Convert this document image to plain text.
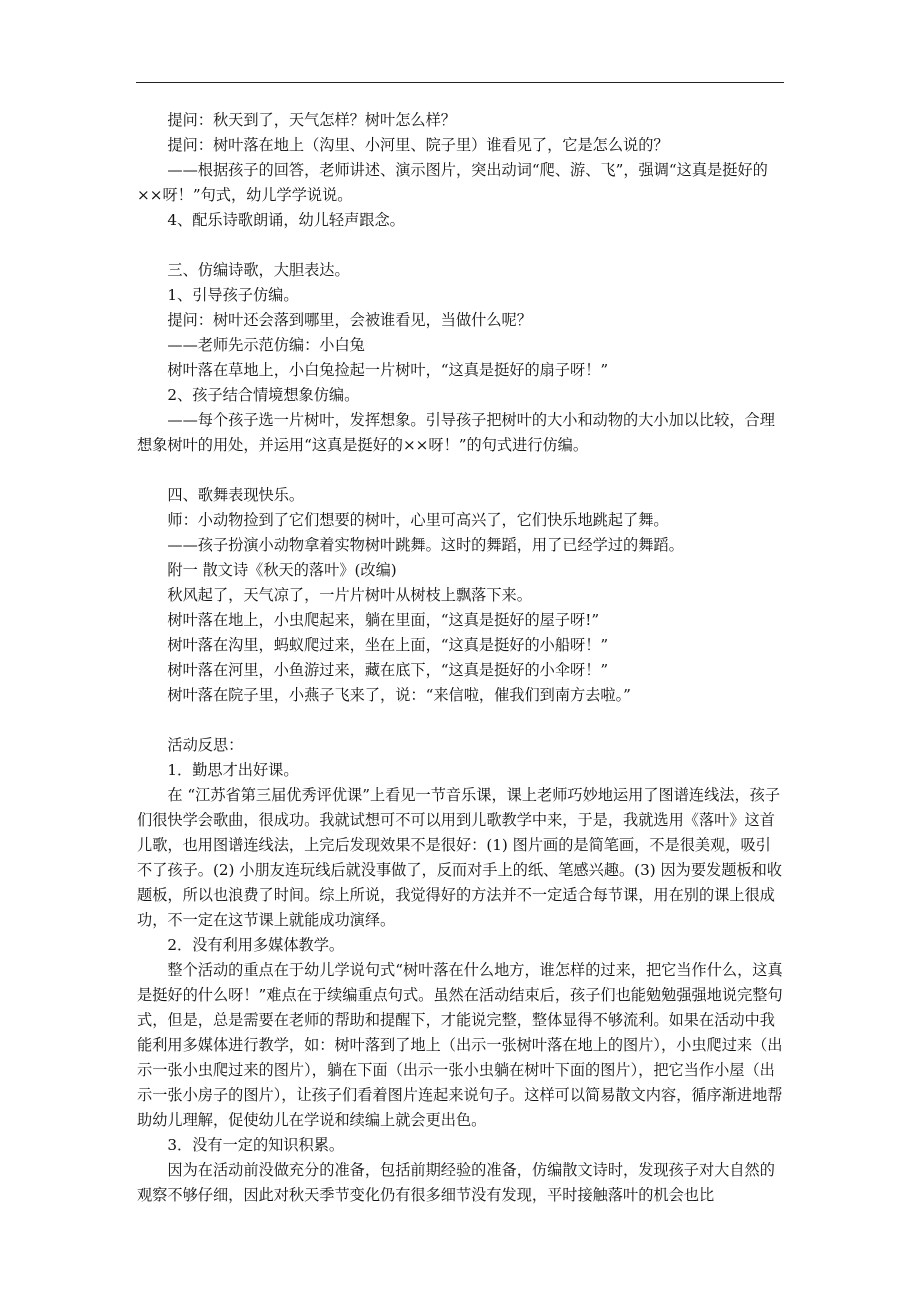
提问：秋天到了，天气怎样？树叶怎么样？

提问：树叶落在地上（沟里、小河里、院子里）谁看见了，它是怎么说的？

——根据孩子的回答，老师讲述、演示图片，突出动词“爬、游、飞”，强调“这真是挺好的××呀！”句式，幼儿学学说说。

4、配乐诗歌朗诵，幼儿轻声跟念。

三、仿编诗歌，大胆表达。

1、引导孩子仿编。

提问：树叶还会落到哪里，会被谁看见，当做什么呢？

——老师先示范仿编：小白兔

树叶落在草地上，小白兔捡起一片树叶，“这真是挺好的扇子呀！”

2、孩子结合情境想象仿编。

——每个孩子选一片树叶，发挥想象。引导孩子把树叶的大小和动物的大小加以比较，合理想象树叶的用处，并运用“这真是挺好的××呀！”的句式进行仿编。

四、歌舞表现快乐。

师：小动物捡到了它们想要的树叶，心里可高兴了，它们快乐地跳起了舞。

——孩子扮演小动物拿着实物树叶跳舞。这时的舞蹈，用了已经学过的舞蹈。

附一 散文诗《秋天的落叶》(改编)

秋风起了，天气凉了，一片片树叶从树枝上飘落下来。

树叶落在地上，小虫爬起来，躺在里面，“这真是挺好的屋子呀!”

树叶落在沟里，蚂蚁爬过来，坐在上面，“这真是挺好的小船呀！”

树叶落在河里，小鱼游过来，藏在底下，“这真是挺好的小伞呀！”

树叶落在院子里，小燕子飞来了，说：“来信啦，催我们到南方去啦。”

活动反思：

1．勤思才出好课。

在 “江苏省第三届优秀评优课”上看见一节音乐课，课上老师巧妙地运用了图谱连线法，孩子们很快学会歌曲，很成功。我就试想可不可以用到儿歌教学中来，于是，我就选用《落叶》这首儿歌，也用图谱连线法，上完后发现效果不是很好：(1) 图片画的是简笔画，不是很美观，吸引不了孩子。(2) 小朋友连玩线后就没事做了，反而对手上的纸、笔感兴趣。(3) 因为要发题板和收题板，所以也浪费了时间。综上所说，我觉得好的方法并不一定适合每节课，用在别的课上很成功，不一定在这节课上就能成功演绎。

2．没有利用多媒体教学。

整个活动的重点在于幼儿学说句式“树叶落在什么地方，谁怎样的过来，把它当作什么，这真是挺好的什么呀！”难点在于续编重点句式。虽然在活动结束后，孩子们也能勉勉强强地说完整句式，但是，总是需要在老师的帮助和提醒下，才能说完整，整体显得不够流利。如果在活动中我能利用多媒体进行教学，如：树叶落到了地上（出示一张树叶落在地上的图片），小虫爬过来（出示一张小虫爬过来的图片），躺在下面（出示一张小虫躺在树叶下面的图片），把它当作小屋（出示一张小房子的图片），让孩子们看着图片连起来说句子。这样可以简易散文内容，循序渐进地帮助幼儿理解，促使幼儿在学说和续编上就会更出色。

3．没有一定的知识积累。

因为在活动前没做充分的准备，包括前期经验的准备，仿编散文诗时，发现孩子对大自然的观察不够仔细，因此对秋天季节变化仍有很多细节没有发现，平时接触落叶的机会也比
